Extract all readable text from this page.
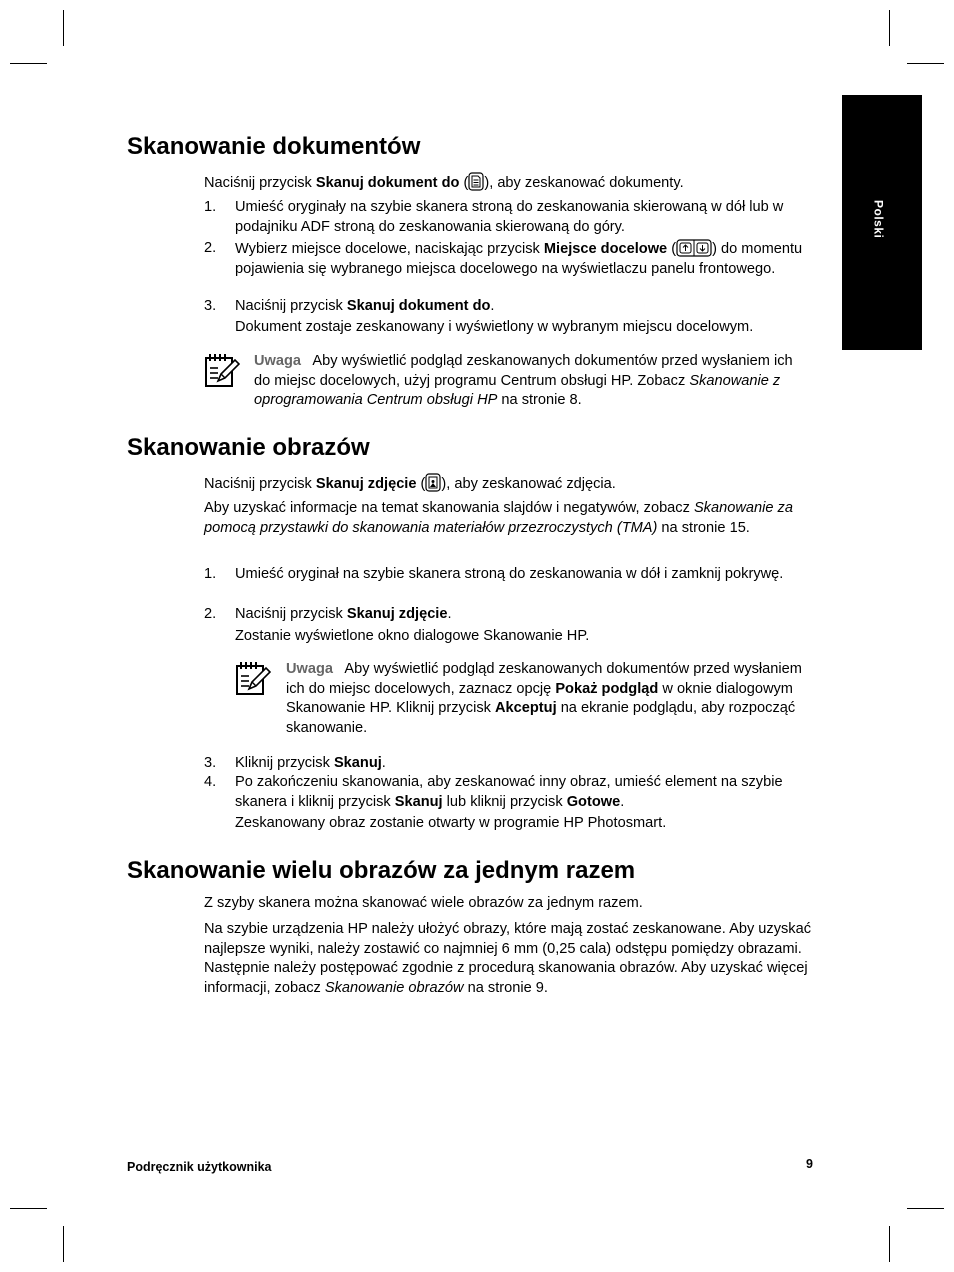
Polski
Skanowanie dokumentów

Naciśnij przycisk Skanuj dokument do ( ), aby zeskanować dokumenty.

1. Umieść oryginały na szybie skanera stroną do zeskanowania skierowaną w dół lub w podajniku ADF stroną do zeskanowania skierowaną do góry.
2. Wybierz miejsce docelowe, naciskając przycisk Miejsce docelowe ( ) do momentu pojawienia się wybranego miejsca docelowego na wyświetlaczu panelu frontowego.
3. Naciśnij przycisk Skanuj dokument do.

Dokument zostaje zeskanowany i wyświetlony w wybranym miejscu docelowym.

Uwaga Aby wyświetlić podgląd zeskanowanych dokumentów przed wysłaniem ich do miejsc docelowych, użyj programu Centrum obsługi HP. Zobacz Skanowanie z oprogramowania Centrum obsługi HP na stronie 8.
Skanowanie obrazów

Naciśnij przycisk Skanuj zdjęcie ( ), aby zeskanować zdjęcia.

Aby uzyskać informacje na temat skanowania slajdów i negatywów, zobacz Skanowanie za pomocą przystawki do skanowania materiałów przezroczystych (TMA) na stronie 15.

1. Umieść oryginał na szybie skanera stroną do zeskanowania w dół i zamknij pokrywę.
2. Naciśnij przycisk Skanuj zdjęcie.

Zostanie wyświetlone okno dialogowe Skanowanie HP.

Uwaga Aby wyświetlić podgląd zeskanowanych dokumentów przed wysłaniem ich do miejsc docelowych, zaznacz opcję Pokaż podgląd w oknie dialogowym Skanowanie HP. Kliknij przycisk Akceptuj na ekranie podglądu, aby rozpocząć skanowanie.
3. Kliknij przycisk Skanuj.
4. Po zakończeniu skanowania, aby zeskanować inny obraz, umieść element na szybie skanera i kliknij przycisk Skanuj lub kliknij przycisk Gotowe.

Zeskanowany obraz zostanie otwarty w programie HP Photosmart.

Skanowanie wielu obrazów za jednym razem

Z szyby skanera można skanować wiele obrazów za jednym razem.

Na szybie urządzenia HP należy ułożyć obrazy, które mają zostać zeskanowane. Aby uzyskać najlepsze wyniki, należy zostawić co najmniej 6 mm (0,25 cala) odstępu pomiędzy obrazami. Następnie należy postępować zgodnie z procedurą skanowania obrazów. Aby uzyskać więcej informacji, zobacz Skanowanie obrazów na stronie 9.

Podręcznik użytkownika	9
